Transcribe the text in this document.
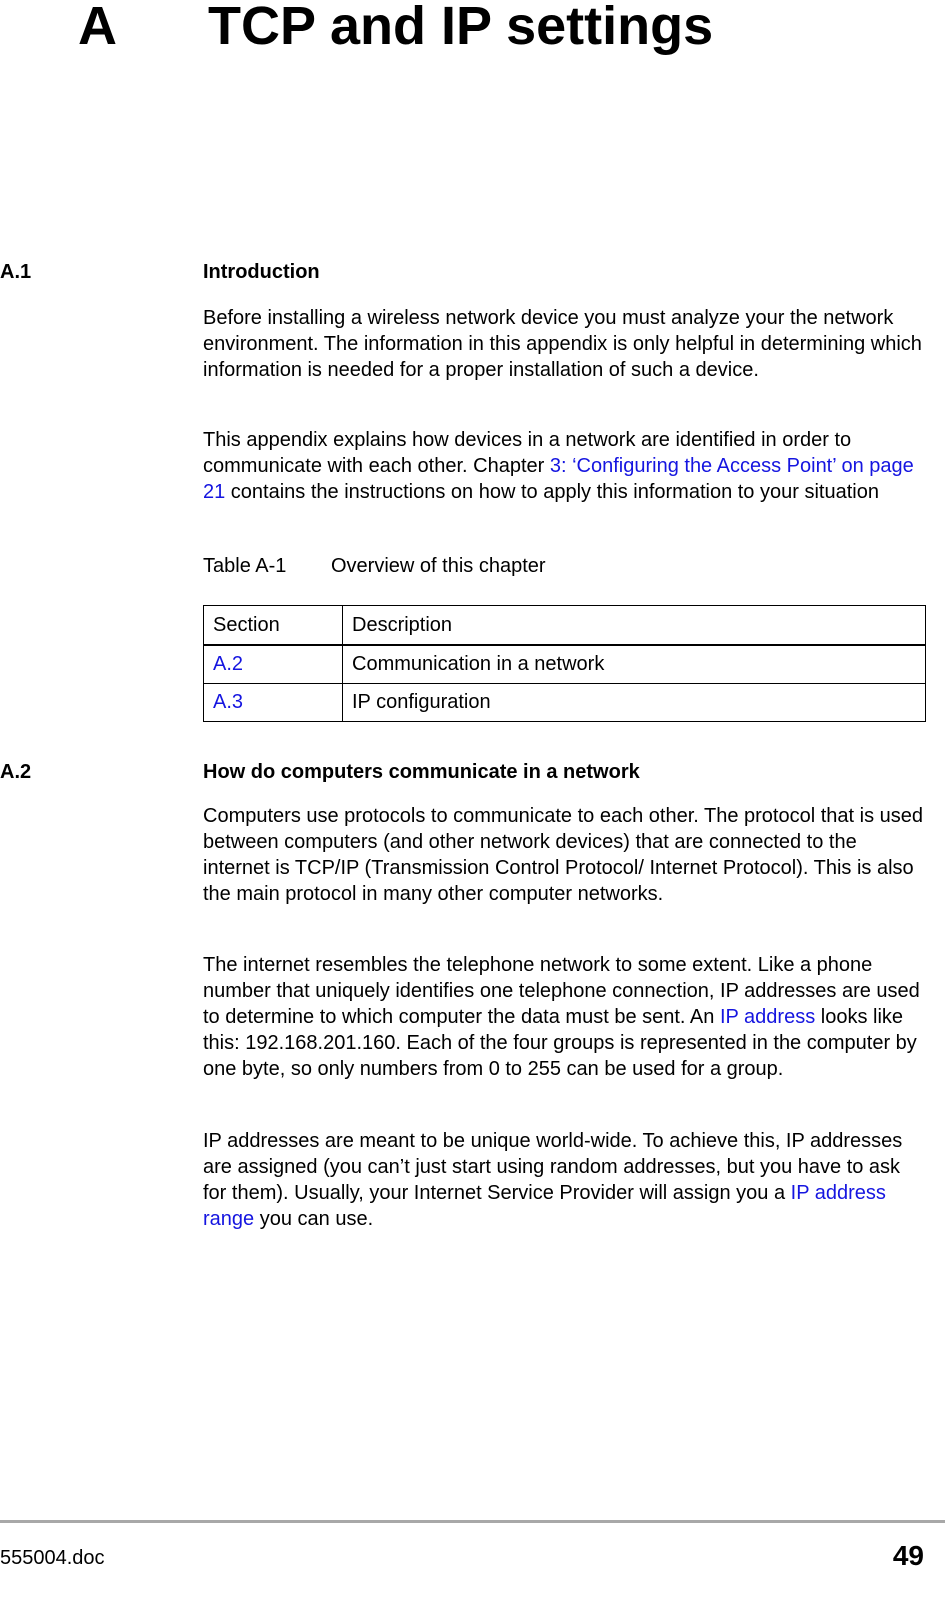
A TCP and IP settings
A.1	Introduction

Before installing a wireless network device you must analyze your the network environment. The information in this appendix is only helpful in determining which information is needed for a proper installation of such a device.

This appendix explains how devices in a network are identified in order to communicate with each other. Chapter 3: ‘Configuring the Access Point’ on page 21 contains the instructions on how to apply this information to your situation

Table A-1 Overview of this chapter
Section	Description
A.2	Communication in a network
A.3	IP configuration
A.2	How do computers communicate in a network

Computers use protocols to communicate to each other. The protocol that is used between computers (and other network devices) that are connected to the internet is TCP/IP (Transmission Control Protocol/ Internet Protocol). This is also the main protocol in many other computer networks.

The internet resembles the telephone network to some extent. Like a phone number that uniquely identifies one telephone connection, IP addresses are used to determine to which computer the data must be sent. An IP address looks like this: 192.168.201.160. Each of the four groups is represented in the computer by one byte, so only numbers from 0 to 255 can be used for a group.

IP addresses are meant to be unique world-wide. To achieve this, IP addresses are assigned (you can’t just start using random addresses, but you have to ask for them). Usually, your Internet Service Provider will assign you a IP address range you can use.

555004.doc	49
